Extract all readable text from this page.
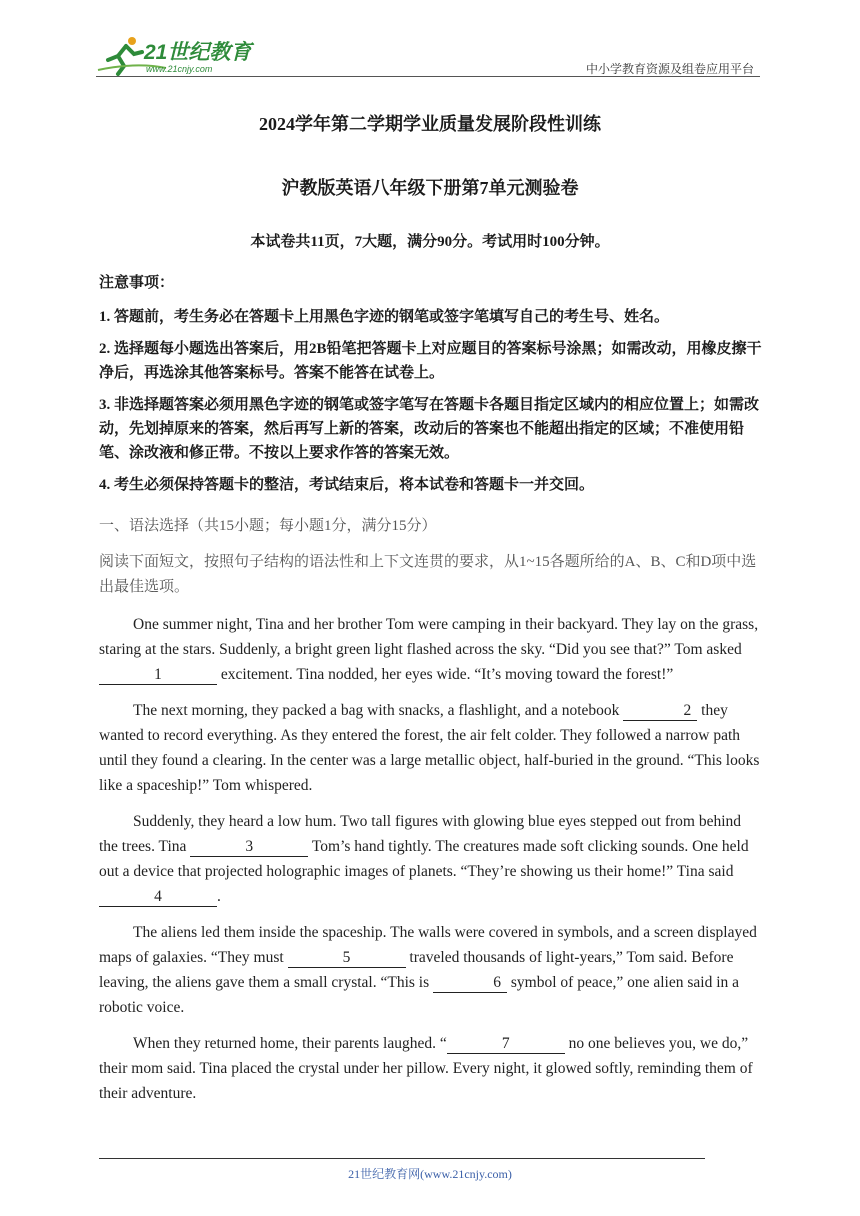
21世纪教育
www.21cnjy.com	中小学教育资源及组卷应用平台
2024学年第二学期学业质量发展阶段性训练
沪教版英语八年级下册第7单元测验卷
本试卷共11页，7大题，满分90分。考试用时100分钟。

注意事项：

1. 答题前，考生务必在答题卡上用黑色字迹的钢笔或签字笔填写自己的考生号、姓名。

2. 选择题每小题选出答案后，用2B铅笔把答题卡上对应题目的答案标号涂黑；如需改动，用橡皮擦干净后，再选涂其他答案标号。答案不能答在试卷上。

3. 非选择题答案必须用黑色字迹的钢笔或签字笔写在答题卡各题目指定区域内的相应位置上；如需改动，先划掉原来的答案，然后再写上新的答案，改动后的答案也不能超出指定的区域；不准使用铅笔、涂改液和修正带。不按以上要求作答的答案无效。

4. 考生必须保持答题卡的整洁，考试结束后，将本试卷和答题卡一并交回。

一、语法选择（共15小题；每小题1分，满分15分）
阅读下面短文，按照句子结构的语法性和上下文连贯的要求，从1~15各题所给的A、B、C和D项中选出最佳选项。

One summer night, Tina and her brother Tom were camping in their backyard. They lay on the grass, staring at the stars. Suddenly, a bright green light flashed across the sky. “Did you see that?” Tom asked 1	excitement. Tina nodded, her eyes wide. “It’s moving toward the forest!”

The next morning, they packed a bag with snacks, a flashlight, and a notebook	2 they wanted to record everything. As they entered the forest, the air felt colder. They followed a narrow path until they found a clearing. In the center was a large metallic object, half-buried in the ground. “This looks like a spaceship!” Tom whispered.

Suddenly, they heard a low hum. Two tall figures with glowing blue eyes stepped out from behind the trees. Tina	3	Tom’s hand tightly. The creatures made soft clicking sounds. One held out a device that projected holographic images of planets. “They’re showing us their home!” Tina said 4	.

The aliens led them inside the spaceship. The walls were covered in symbols, and a screen displayed maps of galaxies. “They must	5	traveled thousands of light-years,” Tom said. Before leaving, the aliens gave them a small crystal. “This is	6 symbol of peace,” one alien said in a robotic voice.

When they returned home, their parents laughed. “	7	no one believes you, we do,” their mom said. Tina placed the crystal under her pillow. Every night, it glowed softly, reminding them of their adventure.

21世纪教育网(www.21cnjy.com)
